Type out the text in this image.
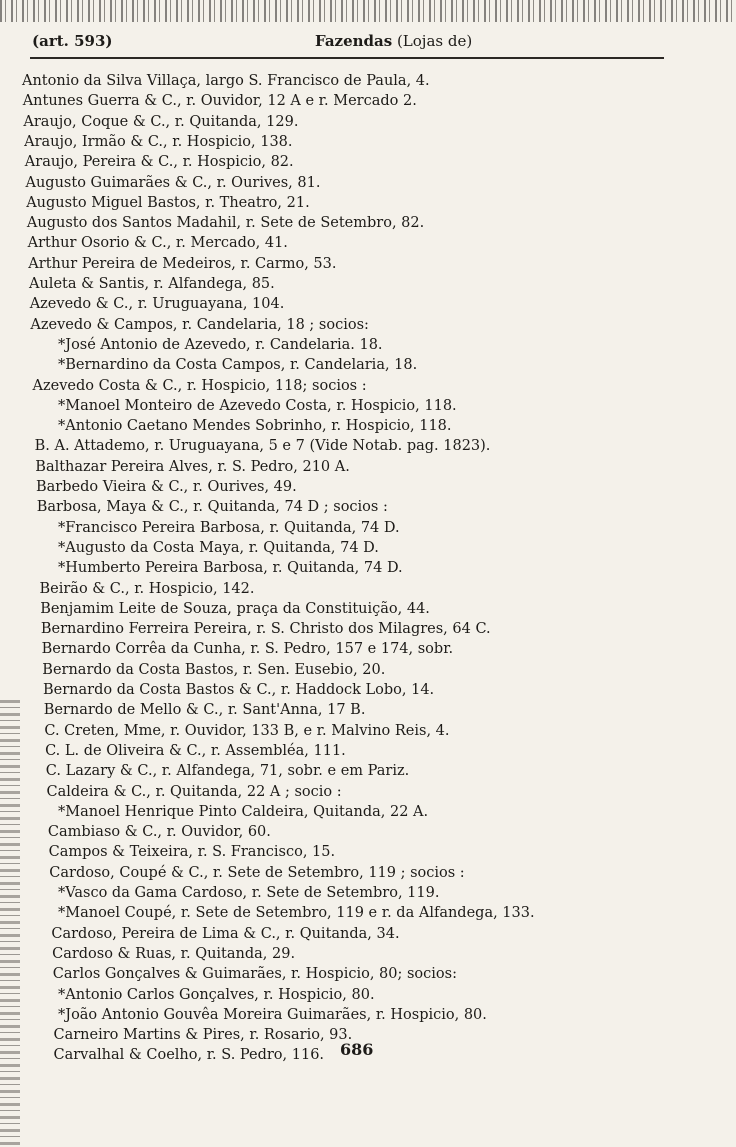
(art. 593)	Fazendas (Lojas de)
Antonio da Silva Villaça, largo S. Francisco de Paula, 4.
Antunes Guerra & C., r. Ouvidor, 12 A e r. Mercado 2.
Araujo, Coque & C., r. Quitanda, 129.
Araujo, Irmão & C., r. Hospicio, 138.
Araujo, Pereira & C., r. Hospicio, 82.
Augusto Guimarães & C., r. Ourives, 81.
Augusto Miguel Bastos, r. Theatro, 21.
Augusto dos Santos Madahil, r. Sete de Setembro, 82.
Arthur Osorio & C., r. Mercado, 41.
Arthur Pereira de Medeiros, r. Carmo, 53.
Auleta & Santis, r. Alfandega, 85.
Azevedo & C., r. Uruguayana, 104.
Azevedo & Campos, r. Candelaria, 18 ; socios:
*José Antonio de Azevedo, r. Candelaria. 18.
*Bernardino da Costa Campos, r. Candelaria, 18.
Azevedo Costa & C., r. Hospicio, 118; socios :
*Manoel Monteiro de Azevedo Costa, r. Hospicio, 118.
*Antonio Caetano Mendes Sobrinho, r. Hospicio, 118.
B. A. Attademo, r. Uruguayana, 5 e 7 (Vide Notab. pag. 1823).
Balthazar Pereira Alves, r. S. Pedro, 210 A.
Barbedo Vieira & C., r. Ourives, 49.
Barbosa, Maya & C., r. Quitanda, 74 D ; socios :
*Francisco Pereira Barbosa, r. Quitanda, 74 D.
*Augusto da Costa Maya, r. Quitanda, 74 D.
*Humberto Pereira Barbosa, r. Quitanda, 74 D.
Beirão & C., r. Hospicio, 142.
Benjamim Leite de Souza, praça da Constituição, 44.
Bernardino Ferreira Pereira, r. S. Christo dos Milagres, 64 C.
Bernardo Corrêa da Cunha, r. S. Pedro, 157 e 174, sobr.
Bernardo da Costa Bastos, r. Sen. Eusebio, 20.
Bernardo da Costa Bastos & C., r. Haddock Lobo, 14.
Bernardo de Mello & C., r. Sant'Anna, 17 B.
C. Creten, Mme, r. Ouvidor, 133 B, e r. Malvino Reis, 4.
C. L. de Oliveira & C., r. Assembléa, 111.
C. Lazary & C., r. Alfandega, 71, sobr. e em Pariz.
Caldeira & C., r. Quitanda, 22 A ; socio :
*Manoel Henrique Pinto Caldeira, Quitanda, 22 A.
Cambiaso & C., r. Ouvidor, 60.
Campos & Teixeira, r. S. Francisco, 15.
Cardoso, Coupé & C., r. Sete de Setembro, 119 ; socios :
*Vasco da Gama Cardoso, r. Sete de Setembro, 119.
*Manoel Coupé, r. Sete de Setembro, 119 e r. da Alfandega, 133.
Cardoso, Pereira de Lima & C., r. Quitanda, 34.
Cardoso & Ruas, r. Quitanda, 29.
Carlos Gonçalves & Guimarães, r. Hospicio, 80; socios:
*Antonio Carlos Gonçalves, r. Hospicio, 80.
*João Antonio Gouvêa Moreira Guimarães, r. Hospicio, 80.
Carneiro Martins & Pires, r. Rosario, 93.
Carvalhal & Coelho, r. S. Pedro, 116. 686
